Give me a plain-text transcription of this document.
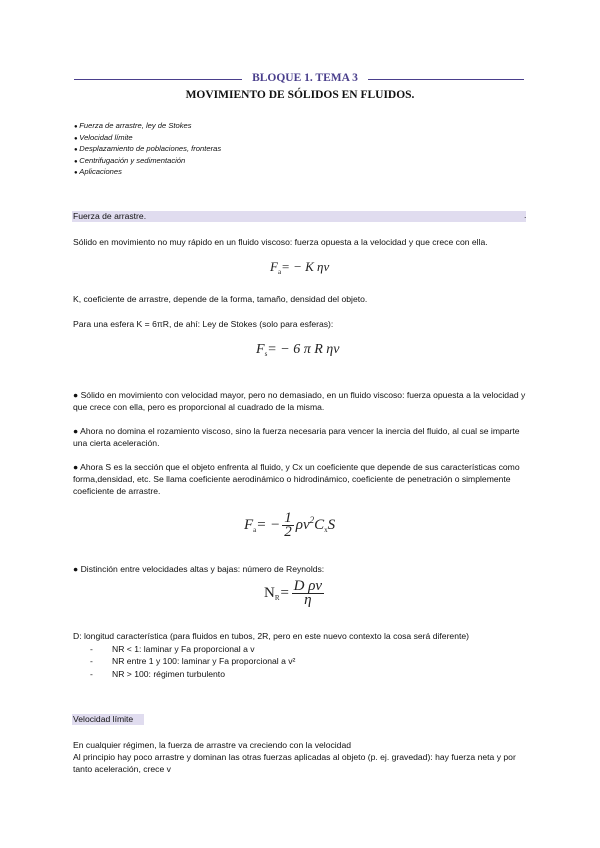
BLOQUE 1. TEMA 3
MOVIMIENTO DE SÓLIDOS EN FLUIDOS.
● Fuerza de arrastre, ley de Stokes
● Velocidad límite
● Desplazamiento de poblaciones, fronteras
● Centrifugación y sedimentación
● Aplicaciones
Fuerza de arrastre.	.
Sólido en movimiento no muy rápido en un fluido viscoso: fuerza opuesta a la velocidad y que crece con ella.
$F_a= - K$ ηv
K, coeficiente de arrastre, depende de la forma, tamaño, densidad del objeto.
Para una esfera K = 6πR, de ahí: Ley de Stokes (solo para esferas):
$F_s= - 6$ π R ηv
● Sólido en movimiento con velocidad mayor, pero no demasiado, en un fluido viscoso: fuerza opuesta a la velocidad y que crece con ella, pero es proporcional al cuadrado de la misma.
● Ahora no domina el rozamiento viscoso, sino la fuerza necesaria para vencer la inercia del fluido, al cual se imparte una cierta aceleración.
● Ahora S es la sección que el objeto enfrenta al fluido, y Cx un coeficiente que depende de sus características como forma,densidad, etc. Se llama coeficiente aerodinámico o hidrodinámico, coeficiente de penetración o simplemente coeficiente de arrastre.
$F_a= - \frac{1}{2} \rho v^2C_xS$
● Distinción entre velocidades altas y bajas: número de Reynolds:
$N_R= \frac{\text{D ρv}}{\eta}$
D: longitud característica (para fluidos en tubos, 2R, pero en este nuevo contexto la cosa será diferente)
- NR < 1: laminar y Fa proporcional a v
- NR entre 1 y 100: laminar y Fa proporcional a v²
- NR > 100: régimen turbulento
Velocidad límite
En cualquier régimen, la fuerza de arrastre va creciendo con la velocidad
Al principio hay poco arrastre y dominan las otras fuerzas aplicadas al objeto (p. ej. gravedad): hay fuerza neta y por tanto aceleración, crece v
